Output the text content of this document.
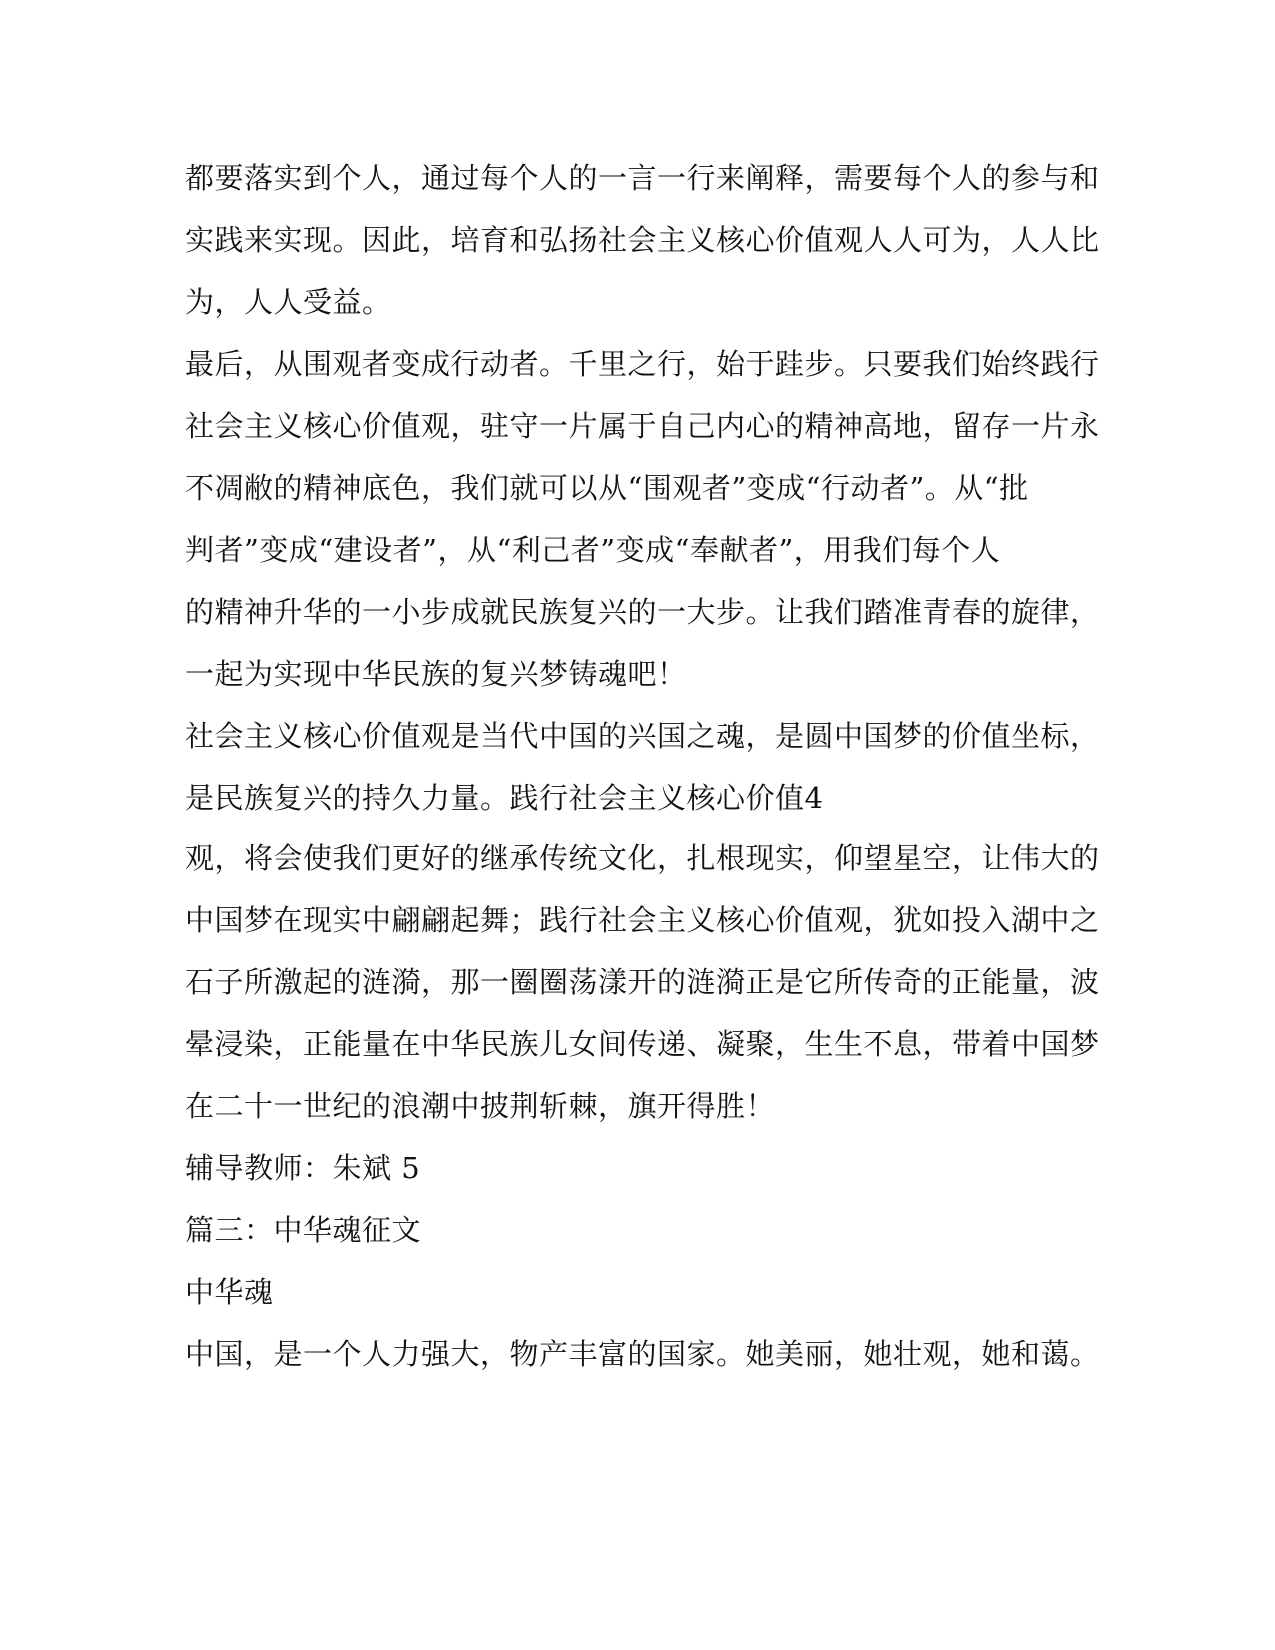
都要落实到个人，通过每个人的一言一行来阐释，需要每个人的参与和
实践来实现。因此，培育和弘扬社会主义核心价值观人人可为，人人比
为，人人受益。
最后，从围观者变成行动者。千里之行，始于跬步。只要我们始终践行
社会主义核心价值观，驻守一片属于自己内心的精神高地，留存一片永
不凋敝的精神底色，我们就可以从“围观者”变成“行动者”。从“批
判者”变成“建设者”，从“利己者”变成“奉献者”，用我们每个人
的精神升华的一小步成就民族复兴的一大步。让我们踏准青春的旋律，
一起为实现中华民族的复兴梦铸魂吧！
社会主义核心价值观是当代中国的兴国之魂，是圆中国梦的价值坐标，
是民族复兴的持久力量。践行社会主义核心价值4
观，将会使我们更好的继承传统文化，扎根现实，仰望星空，让伟大的
中国梦在现实中翩翩起舞；践行社会主义核心价值观，犹如投入湖中之
石子所激起的涟漪，那一圈圈荡漾开的涟漪正是它所传奇的正能量，波
晕浸染，正能量在中华民族儿女间传递、凝聚，生生不息，带着中国梦
在二十一世纪的浪潮中披荆斩棘，旗开得胜！
辅导教师：朱斌 5
篇三：中华魂征文
中华魂
中国，是一个人力强大，物产丰富的国家。她美丽，她壮观，她和蔼。
